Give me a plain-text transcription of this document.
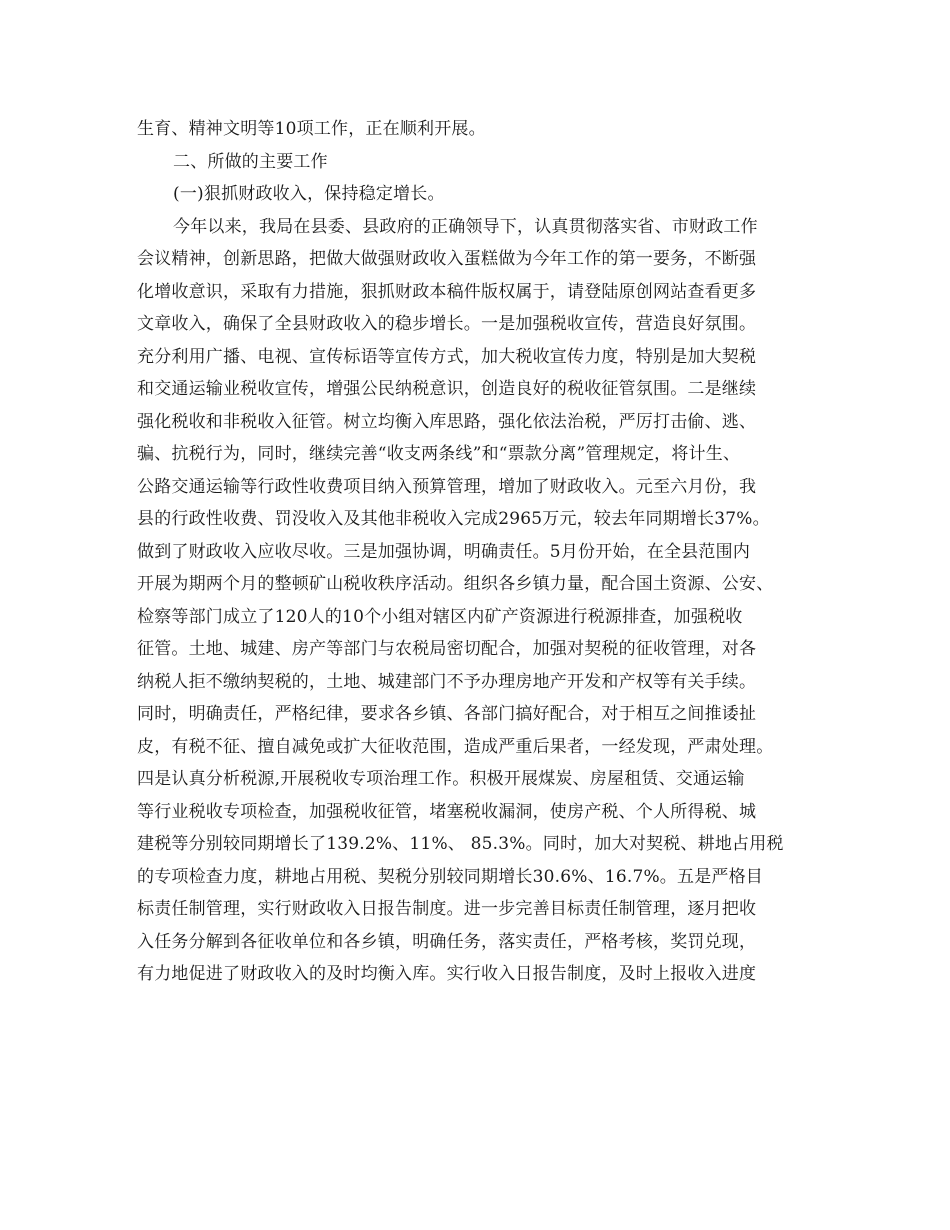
生育、精神文明等10项工作，正在顺利开展。
二、所做的主要工作
(一)狠抓财政收入，保持稳定增长。
今年以来，我局在县委、县政府的正确领导下，认真贯彻落实省、市财政工作
会议精神，创新思路，把做大做强财政收入蛋糕做为今年工作的第一要务，不断强
化增收意识，采取有力措施，狠抓财政本稿件版权属于，请登陆原创网站查看更多
文章收入，确保了全县财政收入的稳步增长。一是加强税收宣传，营造良好氛围。
充分利用广播、电视、宣传标语等宣传方式，加大税收宣传力度，特别是加大契税
和交通运输业税收宣传，增强公民纳税意识，创造良好的税收征管氛围。二是继续
强化税收和非税收入征管。树立均衡入库思路，强化依法治税，严厉打击偷、逃、
骗、抗税行为，同时，继续完善“收支两条线”和“票款分离”管理规定，将计生、
公路交通运输等行政性收费项目纳入预算管理，增加了财政收入。元至六月份，我
县的行政性收费、罚没收入及其他非税收入完成2965万元，较去年同期增长37%。
做到了财政收入应收尽收。三是加强协调，明确责任。5月份开始，在全县范围内
开展为期两个月的整顿矿山税收秩序活动。组织各乡镇力量，配合国土资源、公安、
检察等部门成立了120人的10个小组对辖区内矿产资源进行税源排查，加强税收
征管。土地、城建、房产等部门与农税局密切配合，加强对契税的征收管理，对各
纳税人拒不缴纳契税的，土地、城建部门不予办理房地产开发和产权等有关手续。
同时，明确责任，严格纪律，要求各乡镇、各部门搞好配合，对于相互之间推诿扯
皮，有税不征、擅自减免或扩大征收范围，造成严重后果者，一经发现，严肃处理。
四是认真分析税源,开展税收专项治理工作。积极开展煤炭、房屋租赁、交通运输
等行业税收专项检查，加强税收征管，堵塞税收漏洞，使房产税、个人所得税、城
建税等分别较同期增长了139.2%、11%、 85.3%。同时，加大对契税、耕地占用税
的专项检查力度，耕地占用税、契税分别较同期增长30.6%、16.7%。五是严格目
标责任制管理，实行财政收入日报告制度。进一步完善目标责任制管理，逐月把收
入任务分解到各征收单位和各乡镇，明确任务，落实责任，严格考核，奖罚兑现，
有力地促进了财政收入的及时均衡入库。实行收入日报告制度，及时上报收入进度
